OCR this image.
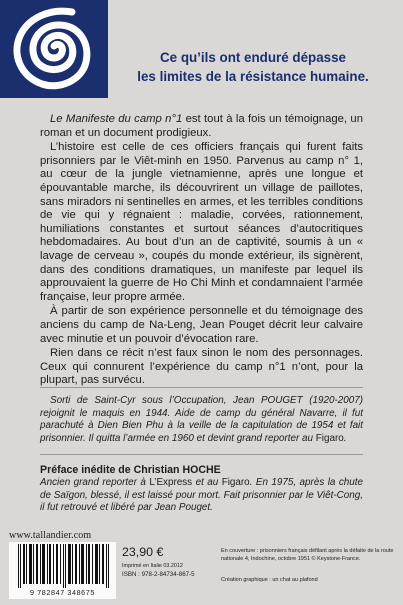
Ce qu’ils ont enduré dépasse
les limites de la résistance humaine.

Le Manifeste du camp n°1 est tout à la fois un témoignage, un roman et un document prodigieux.

L’histoire est celle de ces officiers français qui furent faits prisonniers par le Viêt-minh en 1950. Parvenus au camp n° 1, au cœur de la jungle vietnamienne, après une longue et épouvantable marche, ils découvrirent un village de paillotes, sans miradors ni sentinelles en armes, et les terribles conditions de vie qui y régnaient : maladie, corvées, rationnement, humiliations constantes et surtout séances d’autocritiques hebdomadaires. Au bout d’un an de captivité, soumis à un « lavage de cerveau », coupés du monde extérieur, ils signèrent, dans des conditions dramatiques, un manifeste par lequel ils approuvaient la guerre de Ho Chi Minh et condamnaient l’armée française, leur propre armée.

À partir de son expérience personnelle et du témoignage des anciens du camp de Na-Leng, Jean Pouget décrit leur calvaire avec minutie et un pouvoir d’évocation rare.

Rien dans ce récit n’est faux sinon le nom des personnages. Ceux qui connurent l’expérience du camp n°1 n’ont, pour la plupart, pas survécu.

Sorti de Saint-Cyr sous l’Occupation, Jean POUGET (1920-2007) rejoignit le maquis en 1944. Aide de camp du général Navarre, il fut parachuté à Dien Bien Phu à la veille de la capitulation de 1954 et fait prisonnier. Il quitta l’armée en 1960 et devint grand reporter au Figaro.
Préface inédite de Christian HOCHE
Ancien grand reporter à L’Express et au Figaro. En 1975, après la chute de Saïgon, blessé, il est laissé pour mort. Fait prisonnier par le Viêt-Cong, il fut retrouvé et libéré par Jean Pouget.
www.tallandier.com
9 782847 348675
23,90 €
Imprimé en Italie 03.2012
ISBN : 978-2-84734-867-5
En couverture : prisonniers français défilant après la défaite de la route nationale 4, Indochine, octobre 1951 © Keystone-France.
Création graphique : un chat au plafond
